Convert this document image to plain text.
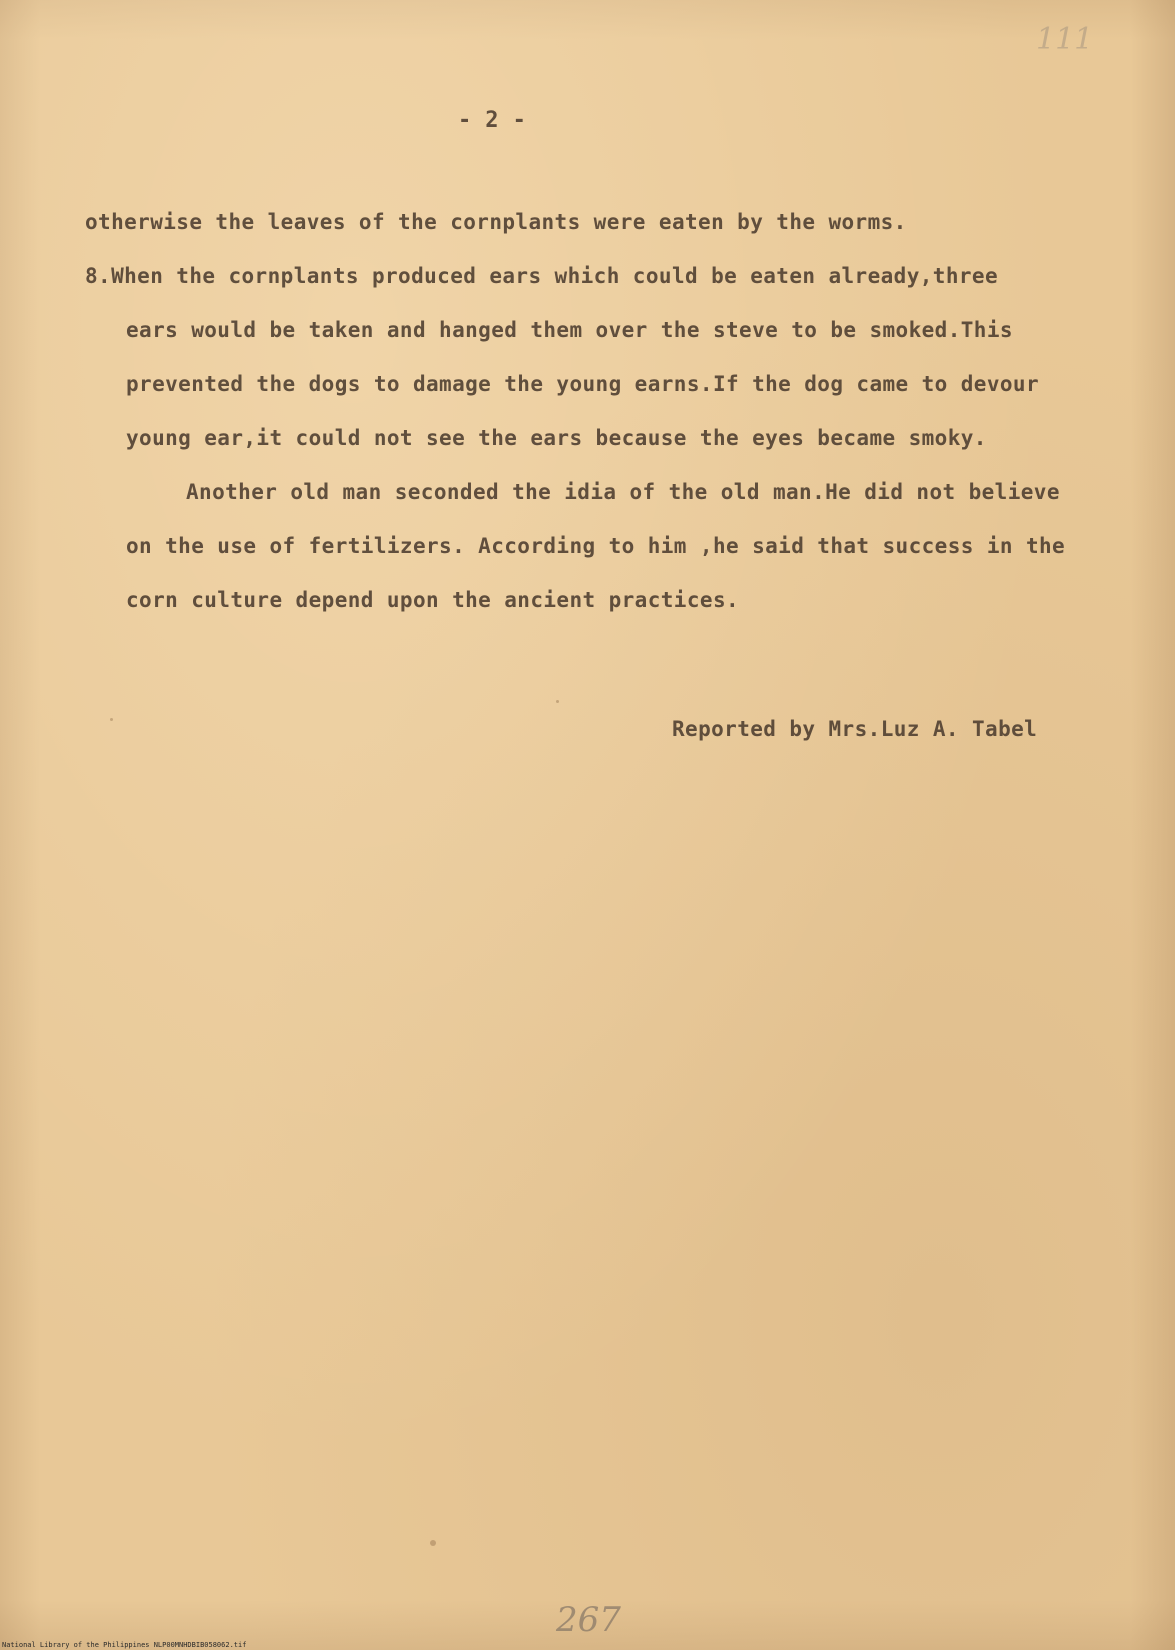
111
- 2 -
otherwise the leaves of the cornplants were eaten by the worms.
8.When the cornplants produced ears which could be eaten already,three
ears would be taken and hanged them over the steve to be smoked.This
prevented the dogs to damage the young earns.If the dog came to devour
young ear,it could not see the ears because the eyes became smoky.
Another old man seconded the idia of the old man.He did not believe
on the use of fertilizers. According to him ,he said that success in the
corn culture depend upon the ancient practices.
Reported by Mrs.Luz A. Tabel
267
National Library of the Philippines NLP00MNHDBIB058062.tif
